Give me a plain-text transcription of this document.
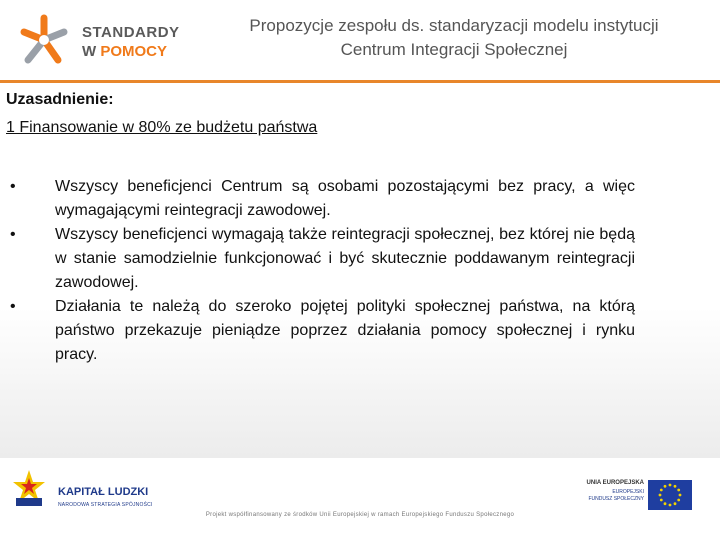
STANDARDY
W POMOCY
Propozycje zespołu ds. standaryzacji modelu instytucji
Centrum Integracji Społecznej
Uzasadnienie:
1 Finansowanie w 80% ze budżetu państwa
• Wszyscy beneficjenci Centrum są osobami pozostającymi bez pracy, a więc wymagającymi reintegracji zawodowej.
• Wszyscy beneficjenci wymagają także reintegracji społecznej, bez której nie będą w stanie samodzielnie funkcjonować i być skutecznie poddawanym reintegracji zawodowej.
• Działania te należą do szeroko pojętej polityki społecznej państwa, na którą państwo przekazuje pieniądze poprzez działania pomocy społecznej i rynku pracy.
KAPITAŁ LUDZKI
NARODOWA STRATEGIA SPÓJNOŚCI
UNIA EUROPEJSKA
EUROPEJSKI
FUNDUSZ SPOŁECZNY
Projekt współfinansowany ze środków Unii Europejskiej w ramach Europejskiego Funduszu Społecznego
